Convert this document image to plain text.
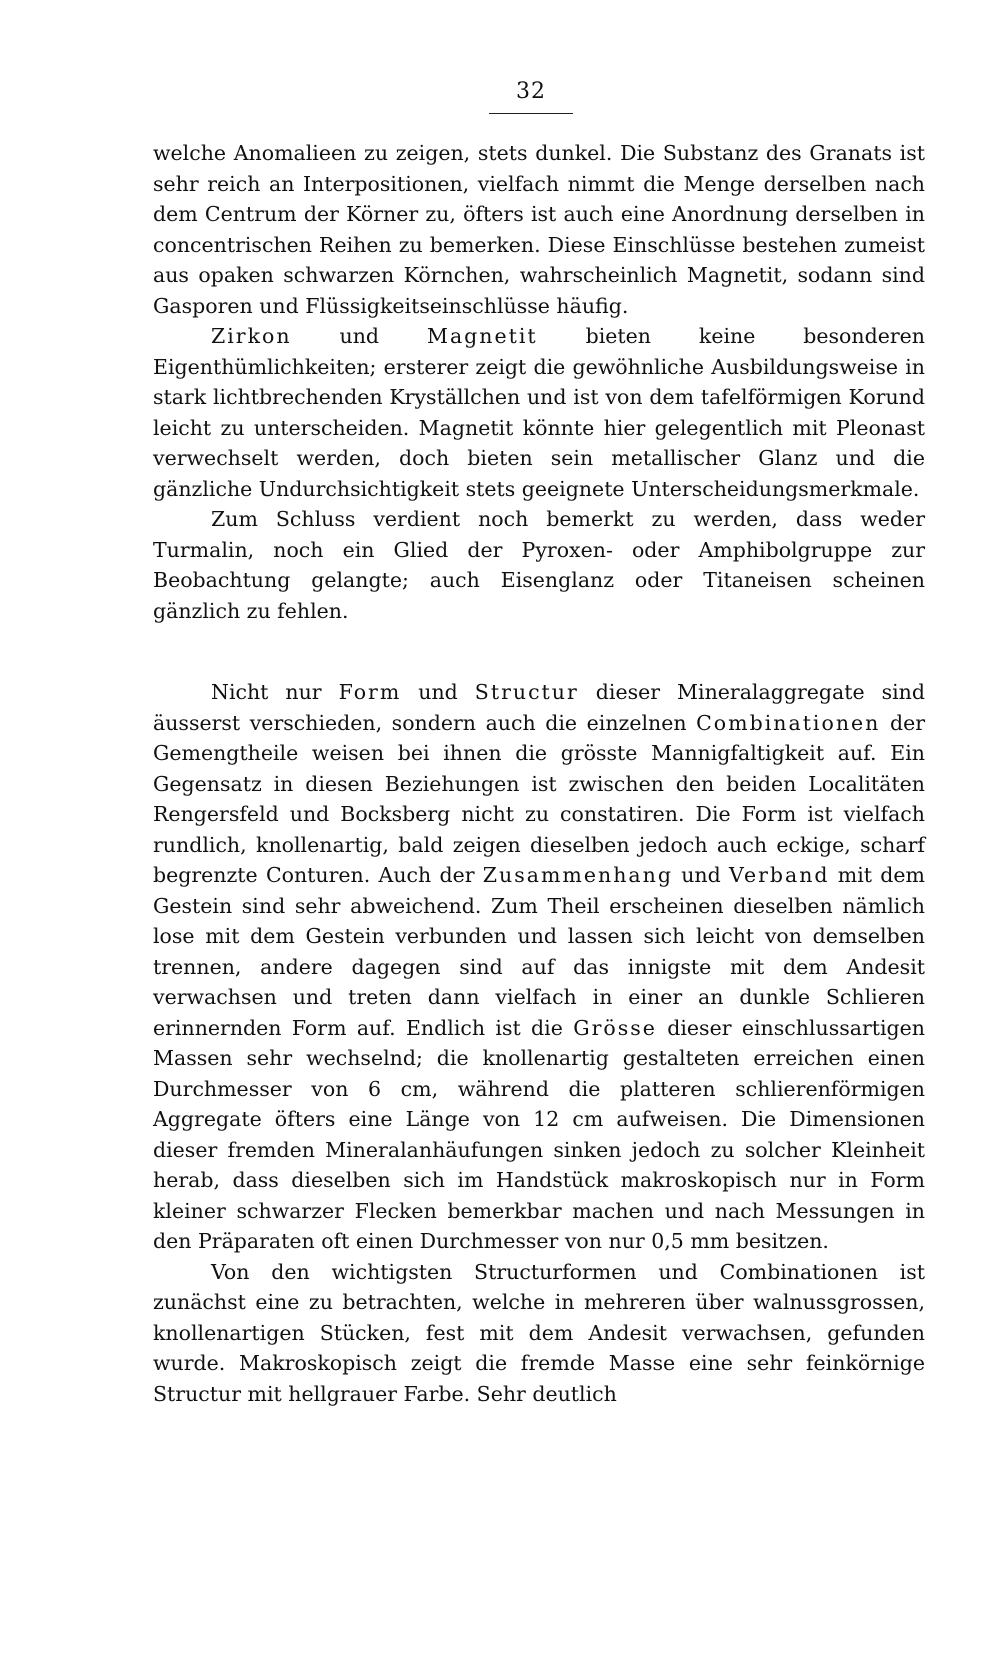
32

welche Anomalieen zu zeigen, stets dunkel. Die Substanz des Granats ist sehr reich an Interpositionen, vielfach nimmt die Menge derselben nach dem Centrum der Körner zu, öfters ist auch eine Anordnung derselben in concentrischen Reihen zu bemerken. Diese Einschlüsse bestehen zumeist aus opaken schwarzen Körnchen, wahrscheinlich Magnetit, sodann sind Gasporen und Flüssigkeitseinschlüsse häufig.

Zirkon und Magnetit bieten keine besonderen Eigenthümlichkeiten; ersterer zeigt die gewöhnliche Ausbildungsweise in stark lichtbrechenden Kryställchen und ist von dem tafelförmigen Korund leicht zu unterscheiden. Magnetit könnte hier gelegentlich mit Pleonast verwechselt werden, doch bieten sein metallischer Glanz und die gänzliche Undurchsichtigkeit stets geeignete Unterscheidungsmerkmale.

Zum Schluss verdient noch bemerkt zu werden, dass weder Turmalin, noch ein Glied der Pyroxen- oder Amphibolgruppe zur Beobachtung gelangte; auch Eisenglanz oder Titaneisen scheinen gänzlich zu fehlen.

Nicht nur Form und Structur dieser Mineralaggregate sind äusserst verschieden, sondern auch die einzelnen Combinationen der Gemengtheile weisen bei ihnen die grösste Mannigfaltigkeit auf. Ein Gegensatz in diesen Beziehungen ist zwischen den beiden Localitäten Rengersfeld und Bocksberg nicht zu constatiren. Die Form ist vielfach rundlich, knollenartig, bald zeigen dieselben jedoch auch eckige, scharf begrenzte Conturen. Auch der Zusammenhang und Verband mit dem Gestein sind sehr abweichend. Zum Theil erscheinen dieselben nämlich lose mit dem Gestein verbunden und lassen sich leicht von demselben trennen, andere dagegen sind auf das innigste mit dem Andesit verwachsen und treten dann vielfach in einer an dunkle Schlieren erinnernden Form auf. Endlich ist die Grösse dieser einschlussartigen Massen sehr wechselnd; die knollenartig gestalteten erreichen einen Durchmesser von 6 cm, während die platteren schlierenförmigen Aggregate öfters eine Länge von 12 cm aufweisen. Die Dimensionen dieser fremden Mineralanhäufungen sinken jedoch zu solcher Kleinheit herab, dass dieselben sich im Handstück makroskopisch nur in Form kleiner schwarzer Flecken bemerkbar machen und nach Messungen in den Präparaten oft einen Durchmesser von nur 0,5 mm besitzen.

Von den wichtigsten Structurformen und Combinationen ist zunächst eine zu betrachten, welche in mehreren über walnussgrossen, knollenartigen Stücken, fest mit dem Andesit verwachsen, gefunden wurde. Makroskopisch zeigt die fremde Masse eine sehr feinkörnige Structur mit hellgrauer Farbe. Sehr deutlich
